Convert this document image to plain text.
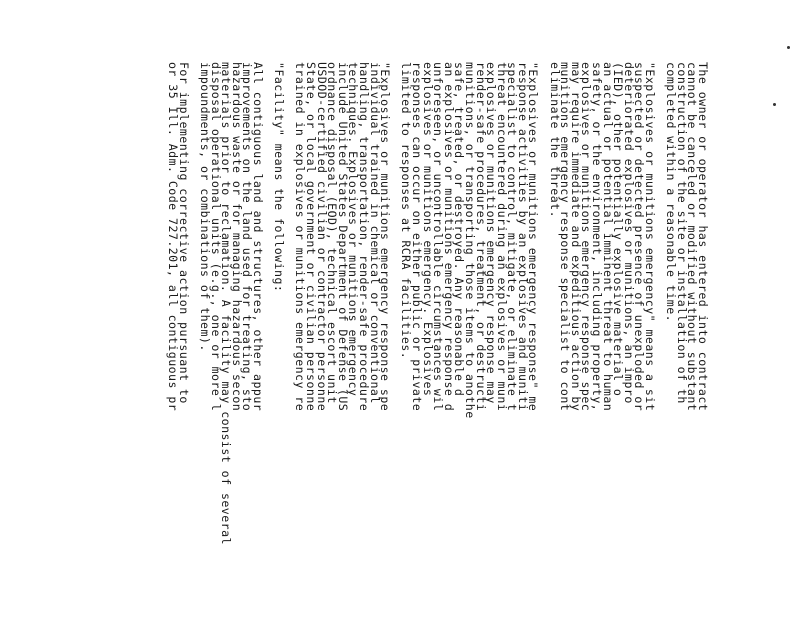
The owner or operator has entered into contract
cannot be canceled or modified without substant
construction of the site or installation of th
completed within a reasonable time.
"Explosives or munitions emergency" means a sit
suspected or detected presence of unexploded or
deteriorated explosives or munitions, an impro
(IED), other potentially explosive material o
an actual or potential imminent threat to human
safety, or the environment, including property,
explosives or munitions emergency response spec
may require immediate and expeditious action by
munitions emergency response specialist to cont
eliminate the threat.
"Explosives or munitions emergency response" me
response activities by an explosives and muniti
specialist to control, mitigate, or eliminate t
threat encountered during an explosives or muni
explosives or munitions emergency response may
render-safe procedures, treatment, or destructi
munitions, or transporting those items to anothe
safe, treated, or destroyed. Any reasonable d
an explosives or munitions emergency response d
unforeseen, or uncontrollable circumstances wil
explosives or munitions emergency. Explosives
responses can occur on either public or private
limited to responses at RCRA facilities.
"Explosives or munitions emergency response spe
individual trained in chemical or conventional
handling, transportation, render-safe procedure
techniques. Explosives or munitions emergency
include United States Department of Defense (US
ordnance disposal (EOD), technical escort unit
USDOD-certified civilian or contractor personne
State, or local government or civilian personne
trained in explosives or munitions emergency re
"Facility" means the following:
All contiguous land and structures, other appur
improvements on the land used for treating, sto
hazardous waste or for managing hazardous secon
materials prior to reclamation. A facility may consist of several
disposal operational units (e.g., one or more l
impoundments, or combinations of them).
For implementing corrective action pursuant to
or 35 Ill. Adm. Code 727.201, all contiguous pr
